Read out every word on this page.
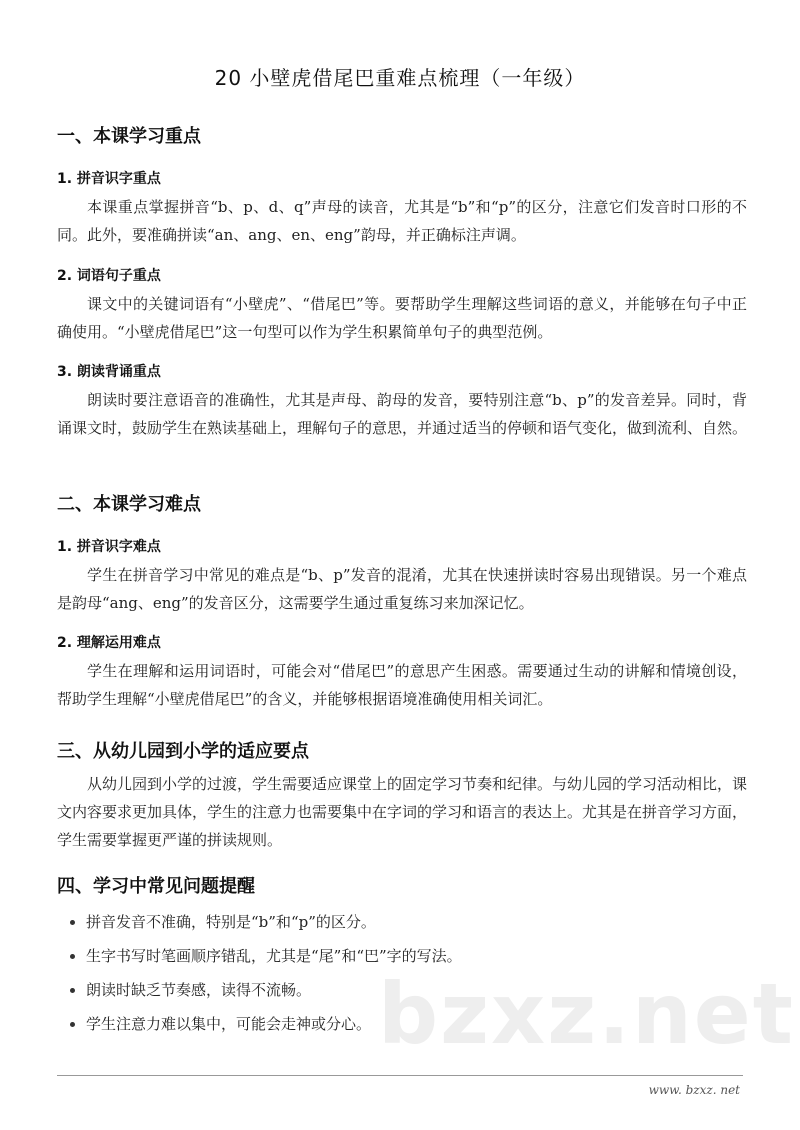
bzxz.net
20 小壁虎借尾巴重难点梳理（一年级）
一、本课学习重点
1. 拼音识字重点
本课重点掌握拼音“b、p、d、q”声母的读音，尤其是“b”和“p”的区分，注意它们发音时口形的不同。此外，要准确拼读“an、ang、en、eng”韵母，并正确标注声调。
2. 词语句子重点
课文中的关键词语有“小壁虎”、“借尾巴”等。要帮助学生理解这些词语的意义，并能够在句子中正确使用。“小壁虎借尾巴”这一句型可以作为学生积累简单句子的典型范例。
3. 朗读背诵重点
朗读时要注意语音的准确性，尤其是声母、韵母的发音，要特别注意“b、p”的发音差异。同时，背诵课文时，鼓励学生在熟读基础上，理解句子的意思，并通过适当的停顿和语气变化，做到流利、自然。
二、本课学习难点
1. 拼音识字难点
学生在拼音学习中常见的难点是“b、p”发音的混淆，尤其在快速拼读时容易出现错误。另一个难点是韵母“ang、eng”的发音区分，这需要学生通过重复练习来加深记忆。
2. 理解运用难点
学生在理解和运用词语时，可能会对“借尾巴”的意思产生困惑。需要通过生动的讲解和情境创设，帮助学生理解“小壁虎借尾巴”的含义，并能够根据语境准确使用相关词汇。
三、从幼儿园到小学的适应要点
从幼儿园到小学的过渡，学生需要适应课堂上的固定学习节奏和纪律。与幼儿园的学习活动相比，课文内容要求更加具体，学生的注意力也需要集中在字词的学习和语言的表达上。尤其是在拼音学习方面，学生需要掌握更严谨的拼读规则。
四、学习中常见问题提醒
拼音发音不准确，特别是“b”和“p”的区分。
生字书写时笔画顺序错乱，尤其是“尾”和“巴”字的写法。
朗读时缺乏节奏感，读得不流畅。
学生注意力难以集中，可能会走神或分心。
www. bzxz. net
